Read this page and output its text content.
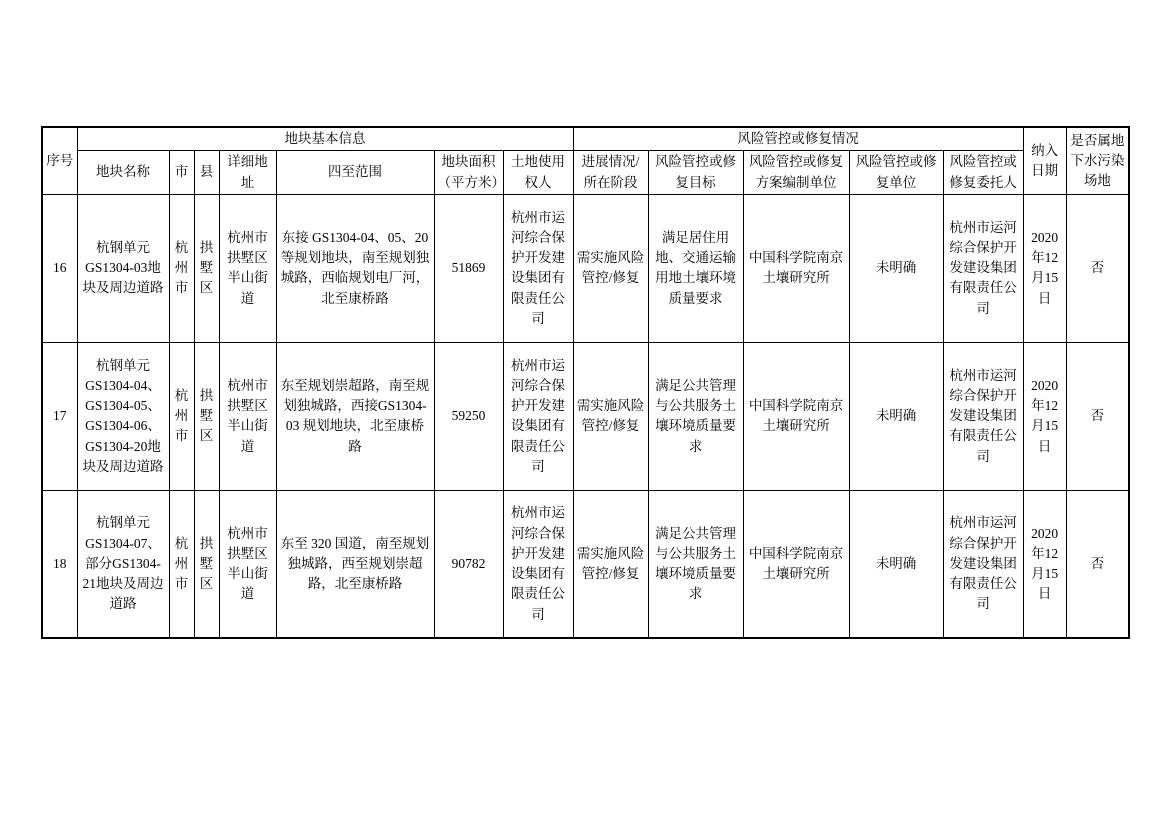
序号	地块基本信息							风险管控或修复情况					纳入日期	是否属地下水污染场地
	地块名称	市	县	详细地址	四至范围	地块面积（平方米）	土地使用权人	进展情况/所在阶段	风险管控或修复目标	风险管控或修复方案编制单位	风险管控或修复单位	风险管控或修复委托人		
16	杭钢单元GS1304-03地块及周边道路	杭州市	拱墅区	杭州市拱墅区半山街道	东接 GS1304-04、05、20 等规划地块，南至规划独城路，西临规划电厂河，北至康桥路	51869	杭州市运河综合保护开发建设集团有限责任公司	需实施风险管控/修复	满足居住用地、交通运输用地土壤环境质量要求	中国科学院南京土壤研究所	未明确	杭州市运河综合保护开发建设集团有限责任公司	2020年12月15日	否
17	杭钢单元GS1304-04、GS1304-05、GS1304-06、GS1304-20地块及周边道路	杭州市	拱墅区	杭州市拱墅区半山街道	东至规划崇超路，南至规划独城路，西接GS1304-03 规划地块，北至康桥路	59250	杭州市运河综合保护开发建设集团有限责任公司	需实施风险管控/修复	满足公共管理与公共服务土壤环境质量要求	中国科学院南京土壤研究所	未明确	杭州市运河综合保护开发建设集团有限责任公司	2020年12月15日	否
18	杭钢单元GS1304-07、部分GS1304-21地块及周边道路	杭州市	拱墅区	杭州市拱墅区半山街道	东至 320 国道，南至规划独城路，西至规划崇超路，北至康桥路	90782	杭州市运河综合保护开发建设集团有限责任公司	需实施风险管控/修复	满足公共管理与公共服务土壤环境质量要求	中国科学院南京土壤研究所	未明确	杭州市运河综合保护开发建设集团有限责任公司	2020年12月15日	否
